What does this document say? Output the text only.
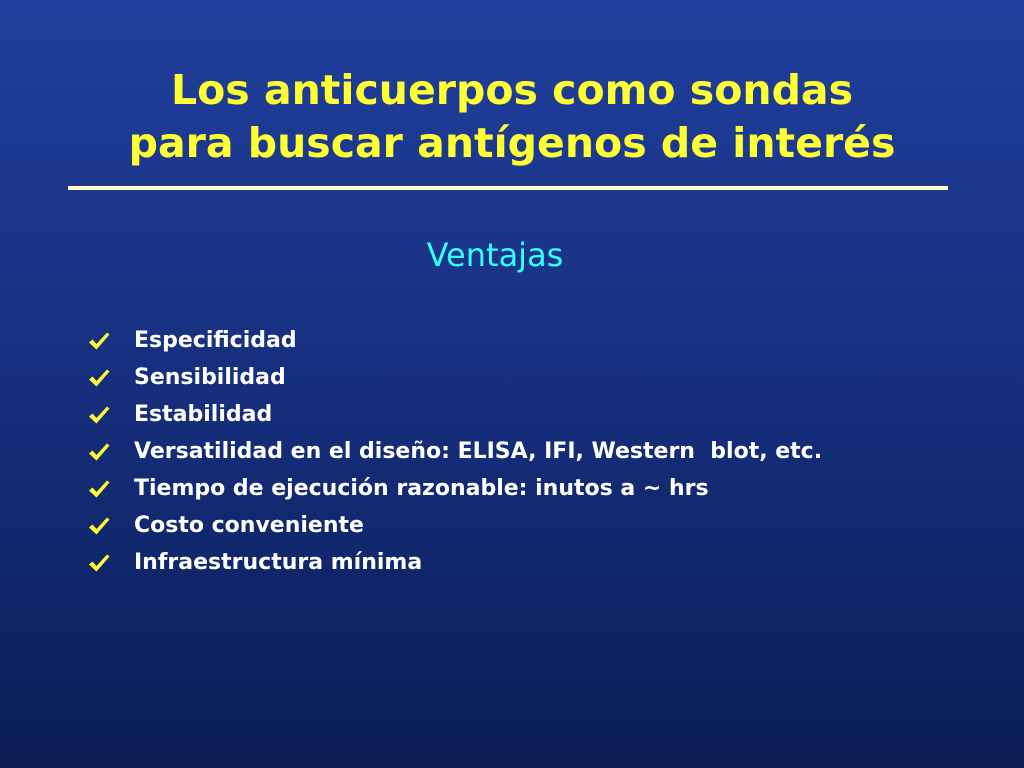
Los anticuerpos como sondas
para buscar antígenos de interés
Ventajas
Especificidad
Sensibilidad
Estabilidad
Versatilidad en el diseño: ELISA, IFI, Western  blot, etc.
Tiempo de ejecución razonable: inutos a ~ hrs
Costo conveniente
Infraestructura mínima
